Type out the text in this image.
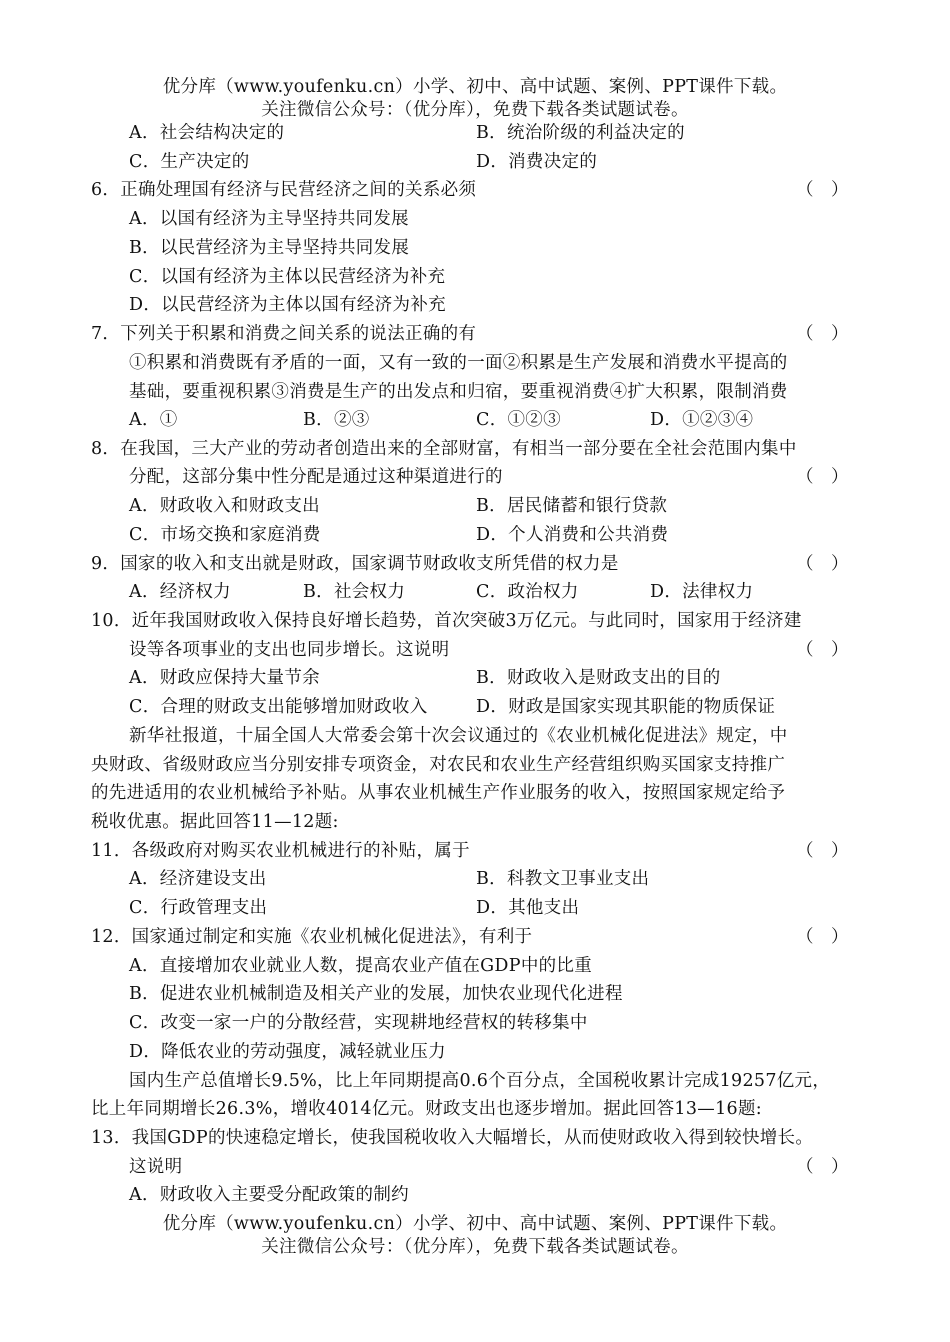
优分库（www.youfenku.cn）小学、初中、高中试题、案例、PPT课件下载。
关注微信公众号：（优分库），免费下载各类试题试卷。
A．社会结构决定的	B．统治阶级的利益决定的
C．生产决定的	D．消费决定的
6．正确处理国有经济与民营经济之间的关系必须	（　）
A．以国有经济为主导坚持共同发展
B．以民营经济为主导坚持共同发展
C．以国有经济为主体以民营经济为补充
D．以民营经济为主体以国有经济为补充
7．下列关于积累和消费之间关系的说法正确的有	（　）
①积累和消费既有矛盾的一面，又有一致的一面②积累是生产发展和消费水平提高的
基础，要重视积累③消费是生产的出发点和归宿，要重视消费④扩大积累，限制消费
A．①	B．②③	C．①②③	D．①②③④
8．在我国，三大产业的劳动者创造出来的全部财富，有相当一部分要在全社会范围内集中
分配，这部分集中性分配是通过这种渠道进行的	（　）
A．财政收入和财政支出	B．居民储蓄和银行贷款
C．市场交换和家庭消费	D．个人消费和公共消费
9．国家的收入和支出就是财政，国家调节财政收支所凭借的权力是	（　）
A．经济权力	B．社会权力	C．政治权力	D．法律权力
10．近年我国财政收入保持良好增长趋势，首次突破3万亿元。与此同时，国家用于经济建
设等各项事业的支出也同步增长。这说明	（　）
A．财政应保持大量节余	B．财政收入是财政支出的目的
C．合理的财政支出能够增加财政收入	D．财政是国家实现其职能的物质保证
新华社报道，十届全国人大常委会第十次会议通过的《农业机械化促进法》规定，中
央财政、省级财政应当分别安排专项资金，对农民和农业生产经营组织购买国家支持推广
的先进适用的农业机械给予补贴。从事农业机械生产作业服务的收入，按照国家规定给予
税收优惠。据此回答11—12题:
11．各级政府对购买农业机械进行的补贴，属于	（　）
A．经济建设支出	B．科教文卫事业支出
C．行政管理支出	D．其他支出
12．国家通过制定和实施《农业机械化促进法》，有利于	（　）
A．直接增加农业就业人数，提高农业产值在GDP中的比重
B．促进农业机械制造及相关产业的发展，加快农业现代化进程
C．改变一家一户的分散经营，实现耕地经营权的转移集中
D．降低农业的劳动强度，减轻就业压力
国内生产总值增长9.5%，比上年同期提高0.6个百分点，全国税收累计完成19257亿元，
比上年同期增长26.3%，增收4014亿元。财政支出也逐步增加。据此回答13—16题:
13．我国GDP的快速稳定增长，使我国税收收入大幅增长，从而使财政收入得到较快增长。
这说明	（　）
A．财政收入主要受分配政策的制约
优分库（www.youfenku.cn）小学、初中、高中试题、案例、PPT课件下载。
关注微信公众号：（优分库），免费下载各类试题试卷。
